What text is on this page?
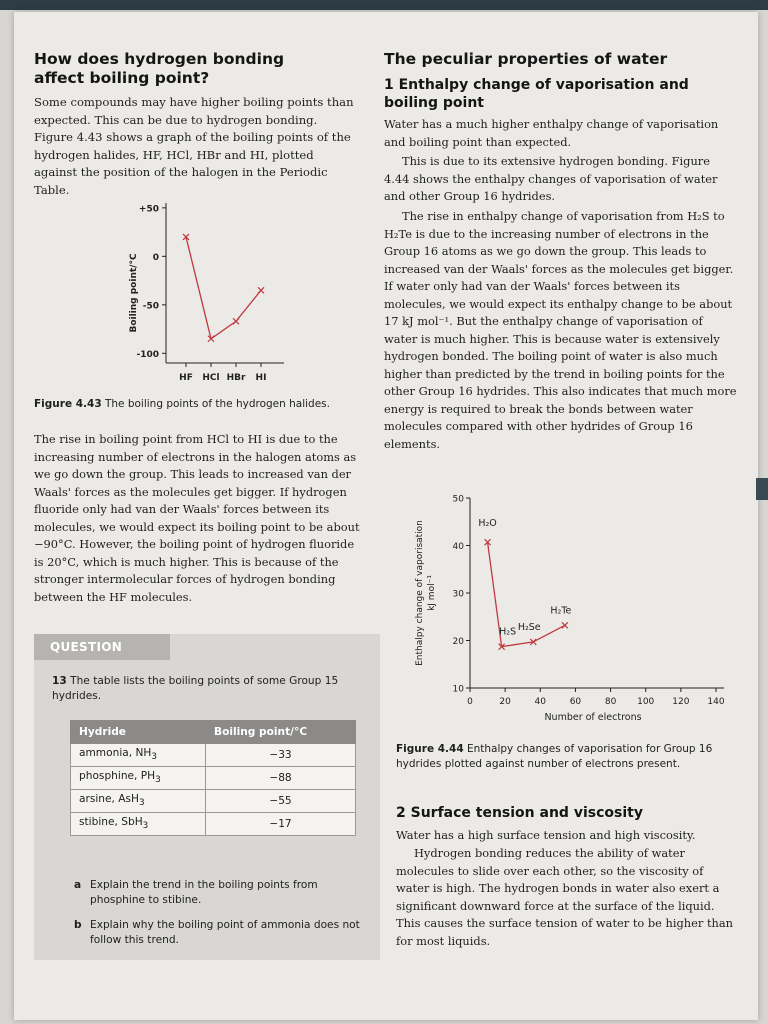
How does hydrogen bonding affect boiling point?

Some compounds may have higher boiling points than expected. This can be due to hydrogen bonding. Figure 4.43 shows a graph of the boiling points of the hydrogen halides, HF, HCl, HBr and HI, plotted against the position of the halogen in the Periodic Table.

+50
0
-50
-100
HF HCl HBr HI
Boiling point/°C
Figure 4.43 The boiling points of the hydrogen halides.

The rise in boiling point from HCl to HI is due to the increasing number of electrons in the halogen atoms as we go down the group. This leads to increased van der Waals' forces as the molecules get bigger. If hydrogen fluoride only had van der Waals' forces between its molecules, we would expect its boiling point to be about −90°C. However, the boiling point of hydrogen fluoride is 20°C, which is much higher. This is because of the stronger intermolecular forces of hydrogen bonding between the HF molecules.

QUESTION
13 The table lists the boiling points of some Group 15 hydrides.
Hydride	Boiling point/°C
ammonia, $NH_3$	−33
phosphine, $PH_3$	−88
arsine, AsH$_3$	−55
stibine, SbH$_3$	−17
a Explain the trend in the boiling points from phosphine to stibine.
b Explain why the boiling point of ammonia does not follow this trend.
The peculiar properties of water
1 Enthalpy change of vaporisation and boiling point

Water has a much higher enthalpy change of vaporisation and boiling point than expected.

This is due to its extensive hydrogen bonding. Figure 4.44 shows the enthalpy changes of vaporisation of water and other Group 16 hydrides.

The rise in enthalpy change of vaporisation from H₂S to H₂Te is due to the increasing number of electrons in the Group 16 atoms as we go down the group. This leads to increased van der Waals' forces as the molecules get bigger. If water only had van der Waals' forces between its molecules, we would expect its enthalpy change to be about 17 kJ mol⁻¹. But the enthalpy change of vaporisation of water is much higher. This is because water is extensively hydrogen bonded. The boiling point of water is also much higher than predicted by the trend in boiling points for the other Group 16 hydrides. This also indicates that much more energy is required to break the bonds between water molecules compared with other hydrides of Group 16 elements.

10
20
30
40
50
0	20	40	60	80 100 120 140
Number of electrons
Enthalpy change of vaporisation kJ mol⁻¹
H₂O
H₂S H₂Se
H₂Te
Figure 4.44 Enthalpy changes of vaporisation for Group 16 hydrides plotted against number of electrons present.
2 Surface tension and viscosity

Water has a high surface tension and high viscosity.

Hydrogen bonding reduces the ability of water molecules to slide over each other, so the viscosity of water is high. The hydrogen bonds in water also exert a significant downward force at the surface of the liquid. This causes the surface tension of water to be higher than for most liquids.
